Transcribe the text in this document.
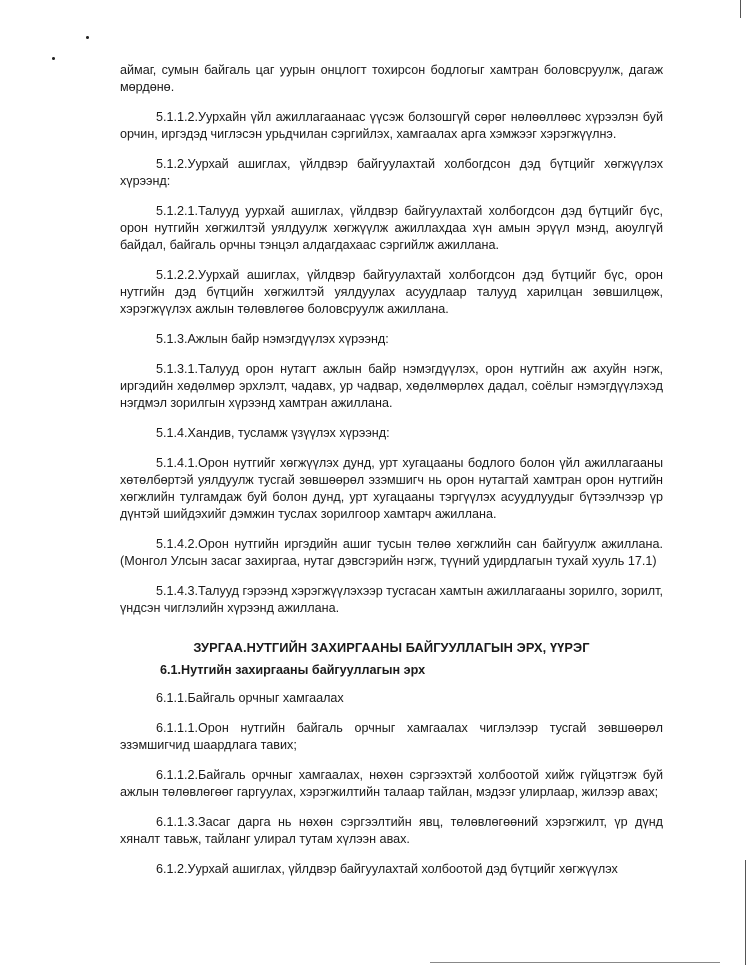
аймаг, сумын байгаль цаг уурын онцлогт тохирсон бодлогыг хамтран боловсруулж, дагаж мөрдөнө.

5.1.1.2.Уурхайн үйл ажиллагаанаас үүсэж болзошгүй сөрөг нөлөөллөөс хүрээлэн буй орчин, иргэдэд чиглэсэн урьдчилан сэргийлэх, хамгаалах арга хэмжээг хэрэгжүүлнэ.

5.1.2.Уурхай ашиглах, үйлдвэр байгуулахтай холбогдсон дэд бүтцийг хөгжүүлэх хүрээнд:

5.1.2.1.Талууд уурхай ашиглах, үйлдвэр байгуулахтай холбогдсон дэд бүтцийг бүс, орон нутгийн хөгжилтэй уялдуулж хөгжүүлж ажиллахдаа хүн амын эрүүл мэнд, аюулгүй байдал, байгаль орчны тэнцэл алдагдахаас сэргийлж ажиллана.

5.1.2.2.Уурхай ашиглах, үйлдвэр байгуулахтай холбогдсон дэд бүтцийг бүс, орон нутгийн дэд бүтцийн хөгжилтэй уялдуулах асуудлаар талууд харилцан зөвшилцөж, хэрэгжүүлэх ажлын төлөвлөгөө боловсруулж ажиллана.

5.1.3.Ажлын байр нэмэгдүүлэх хүрээнд:

5.1.3.1.Талууд орон нутагт ажлын байр нэмэгдүүлэх, орон нутгийн аж ахуйн нэгж, иргэдийн хөдөлмөр эрхлэлт, чадавх, ур чадвар, хөдөлмөрлөх дадал, соёлыг нэмэгдүүлэхэд нэгдмэл зорилгын хүрээнд хамтран ажиллана.

5.1.4.Хандив, тусламж үзүүлэх хүрээнд:

5.1.4.1.Орон нутгийг хөгжүүлэх дунд, урт хугацааны бодлого болон үйл ажиллагааны хөтөлбөртэй уялдуулж тусгай зөвшөөрөл эзэмшигч нь орон нутагтай хамтран орон нутгийн хөгжлийн тулгамдаж буй болон дунд, урт хугацааны тэргүүлэх асуудлуудыг бүтээлчээр үр дүнтэй шийдэхийг дэмжин туслах зорилгоор хамтарч ажиллана.

5.1.4.2.Орон нутгийн иргэдийн ашиг тусын төлөө хөгжлийн сан байгуулж ажиллана. (Монгол Улсын засаг захиргаа, нутаг дэвсгэрийн нэгж, түүний удирдлагын тухай хууль 17.1)

5.1.4.3.Талууд гэрээнд хэрэгжүүлэхээр тусгасан хамтын ажиллагааны зорилго, зорилт, үндсэн чиглэлийн хүрээнд ажиллана.

ЗУРГАА.НУТГИЙН ЗАХИРГААНЫ БАЙГУУЛЛАГЫН ЭРХ, ҮҮРЭГ
6.1.Нутгийн захиргааны байгууллагын эрх

6.1.1.Байгаль орчныг хамгаалах

6.1.1.1.Орон нутгийн байгаль орчныг хамгаалах чиглэлээр тусгай зөвшөөрөл эзэмшигчид шаардлага тавих;

6.1.1.2.Байгаль орчныг хамгаалах, нөхөн сэргээхтэй холбоотой хийж гүйцэтгэж буй ажлын төлөвлөгөөг гаргуулах, хэрэгжилтийн талаар тайлан, мэдээг улирлаар, жилээр авах;

6.1.1.3.Засаг дарга нь нөхөн сэргээлтийн явц, төлөвлөгөөний хэрэгжилт, үр дүнд хяналт тавьж, тайланг улирал тутам хүлээн авах.

6.1.2.Уурхай ашиглах, үйлдвэр байгуулахтай холбоотой дэд бүтцийг хөгжүүлэх
